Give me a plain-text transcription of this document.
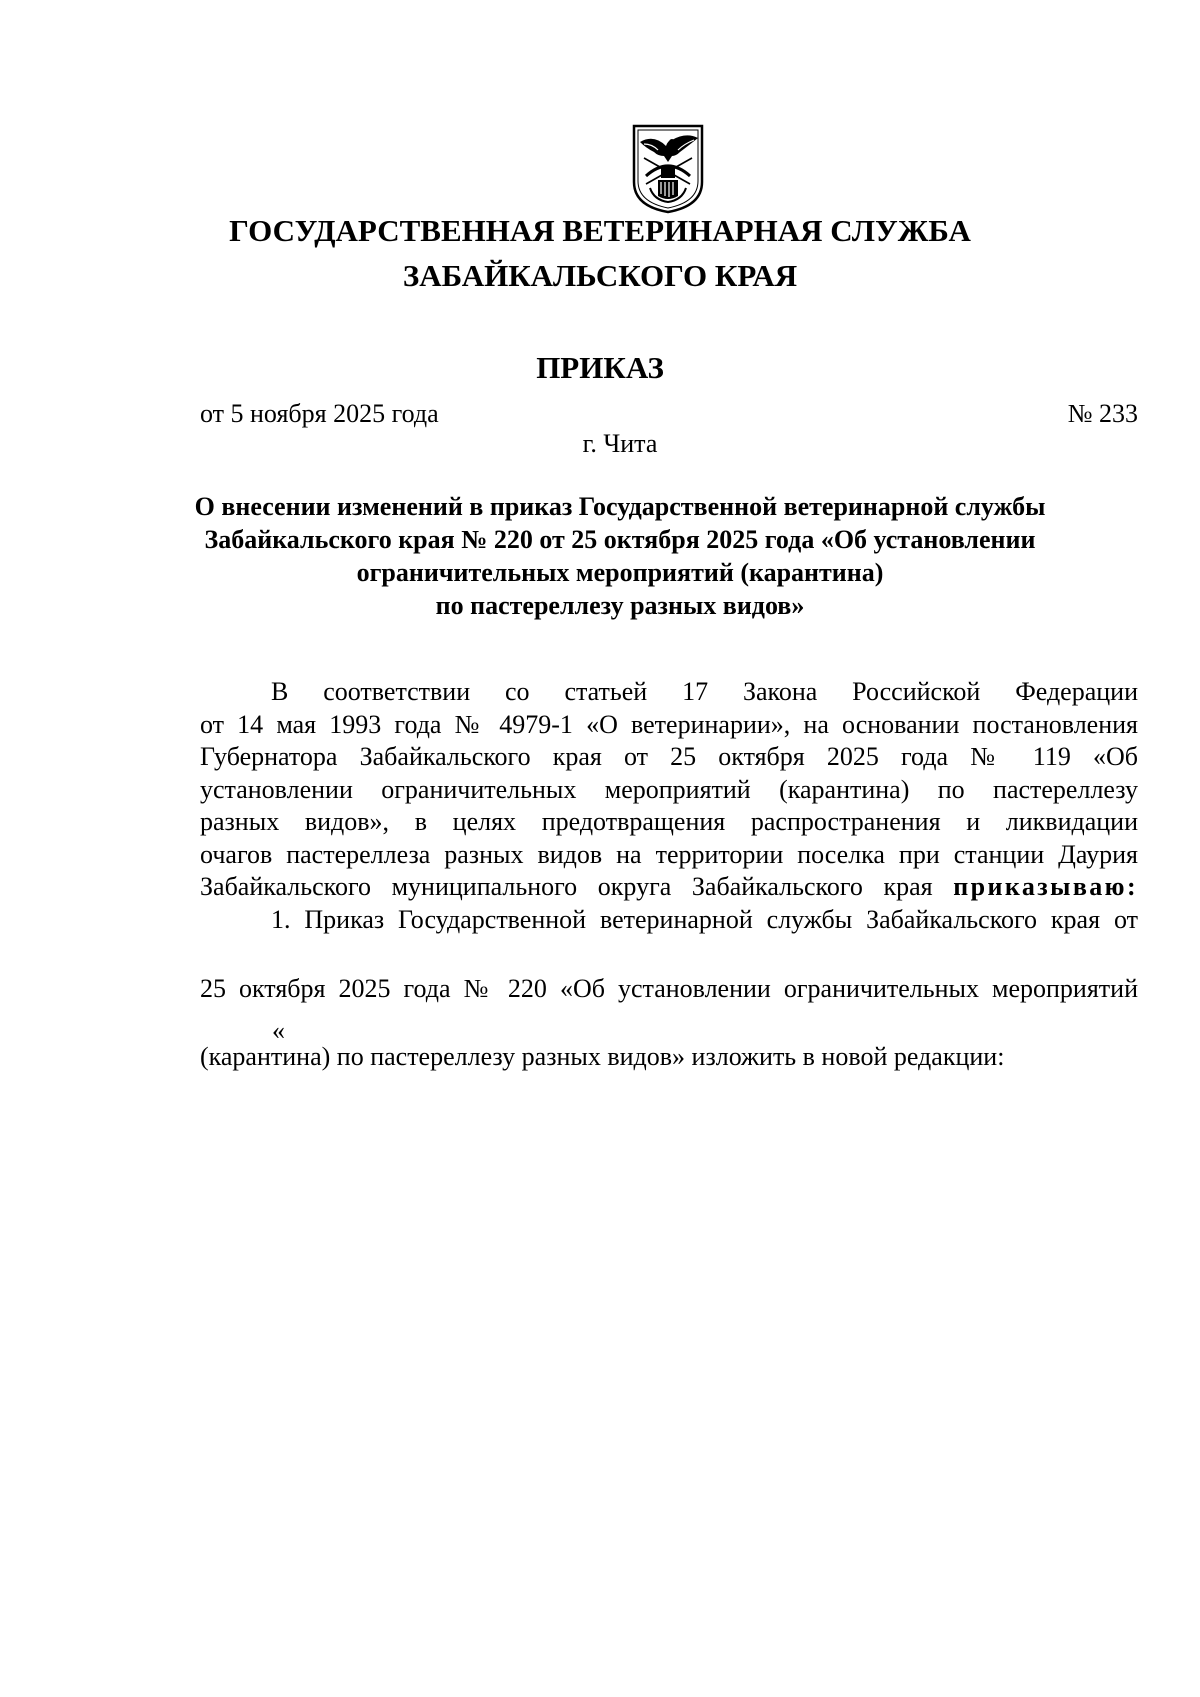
ГОСУДАРСТВЕННАЯ ВЕТЕРИНАРНАЯ СЛУЖБА
ЗАБАЙКАЛЬСКОГО КРАЯ
ПРИКАЗ
от 5 ноября 2025 года	№ 233
г. Чита
О внесении изменений в приказ Государственной ветеринарной службы
Забайкальского края № 220 от 25 октября 2025 года «Об установлении
ограничительных мероприятий (карантина)
по пастереллезу разных видов»
В соответствии со статьей 17 Закона Российской Федерации
от 14 мая 1993 года № 4979-1 «О ветеринарии», на основании постановления
Губернатора Забайкальского края от 25 октября 2025 года № 119 «Об
установлении ограничительных мероприятий (карантина) по пастереллезу
разных видов», в целях предотвращения распространения и ликвидации
очагов пастереллеза разных видов на территории поселка при станции Даурия
Забайкальского муниципального округа Забайкальского края приказываю:
1. Приказ Государственной ветеринарной службы Забайкальского края от
25 октября 2025 года № 220 «Об установлении ограничительных мероприятий
(карантина) по пастереллезу разных видов» изложить в новой редакции:
«
